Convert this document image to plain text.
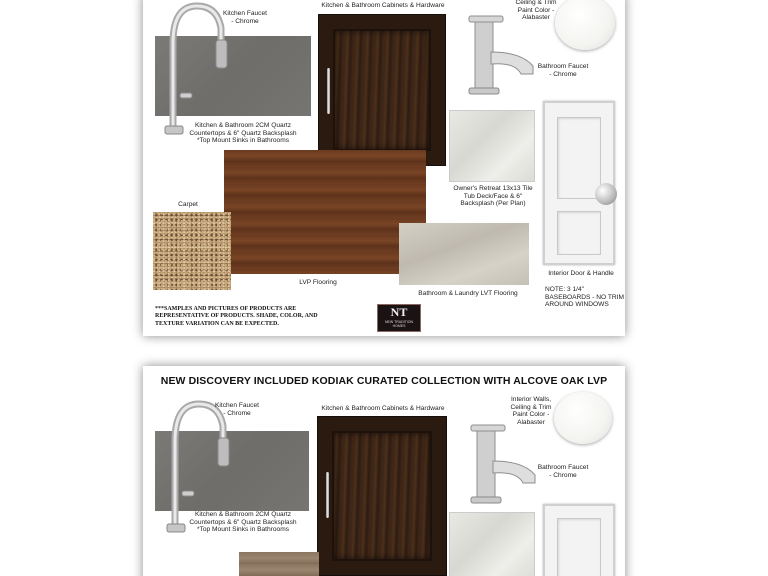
Kitchen Faucet
- Chrome
Kitchen & Bathroom Cabinets & Hardware	Ceiling & Trim
Paint Color -
Alabaster
Bathroom Faucet
- Chrome
Kitchen & Bathroom 2CM Quartz
Countertops & 6" Quartz Backsplash
*Top Mount Sinks in Bathrooms
Owner's Retreat 13x13 Tile
Tub Deck/Face & 6"
Backsplash (Per Plan)
Carpet
LVP Flooring
Bathroom & Laundry LVT Flooring
Interior Door & Handle
NOTE: 3 1/4"
BASEBOARDS - NO TRIM
AROUND WINDOWS
***SAMPLES AND PICTURES OF PRODUCTS ARE
REPRESENTATIVE OF PRODUCTS. SHADE, COLOR, AND
TEXTURE VARIATION CAN BE EXPECTED.
NT
NEW TRADITION
HOMES
NEW DISCOVERY INCLUDED KODIAK CURATED COLLECTION WITH ALCOVE OAK LVP
Kitchen Faucet
- Chrome
Kitchen & Bathroom Cabinets & Hardware
Interior Walls,
Ceiling & Trim
Paint Color -
Alabaster
Bathroom Faucet
- Chrome
Kitchen & Bathroom 2CM Quartz
Countertops & 6" Quartz Backsplash
*Top Mount Sinks in Bathrooms
